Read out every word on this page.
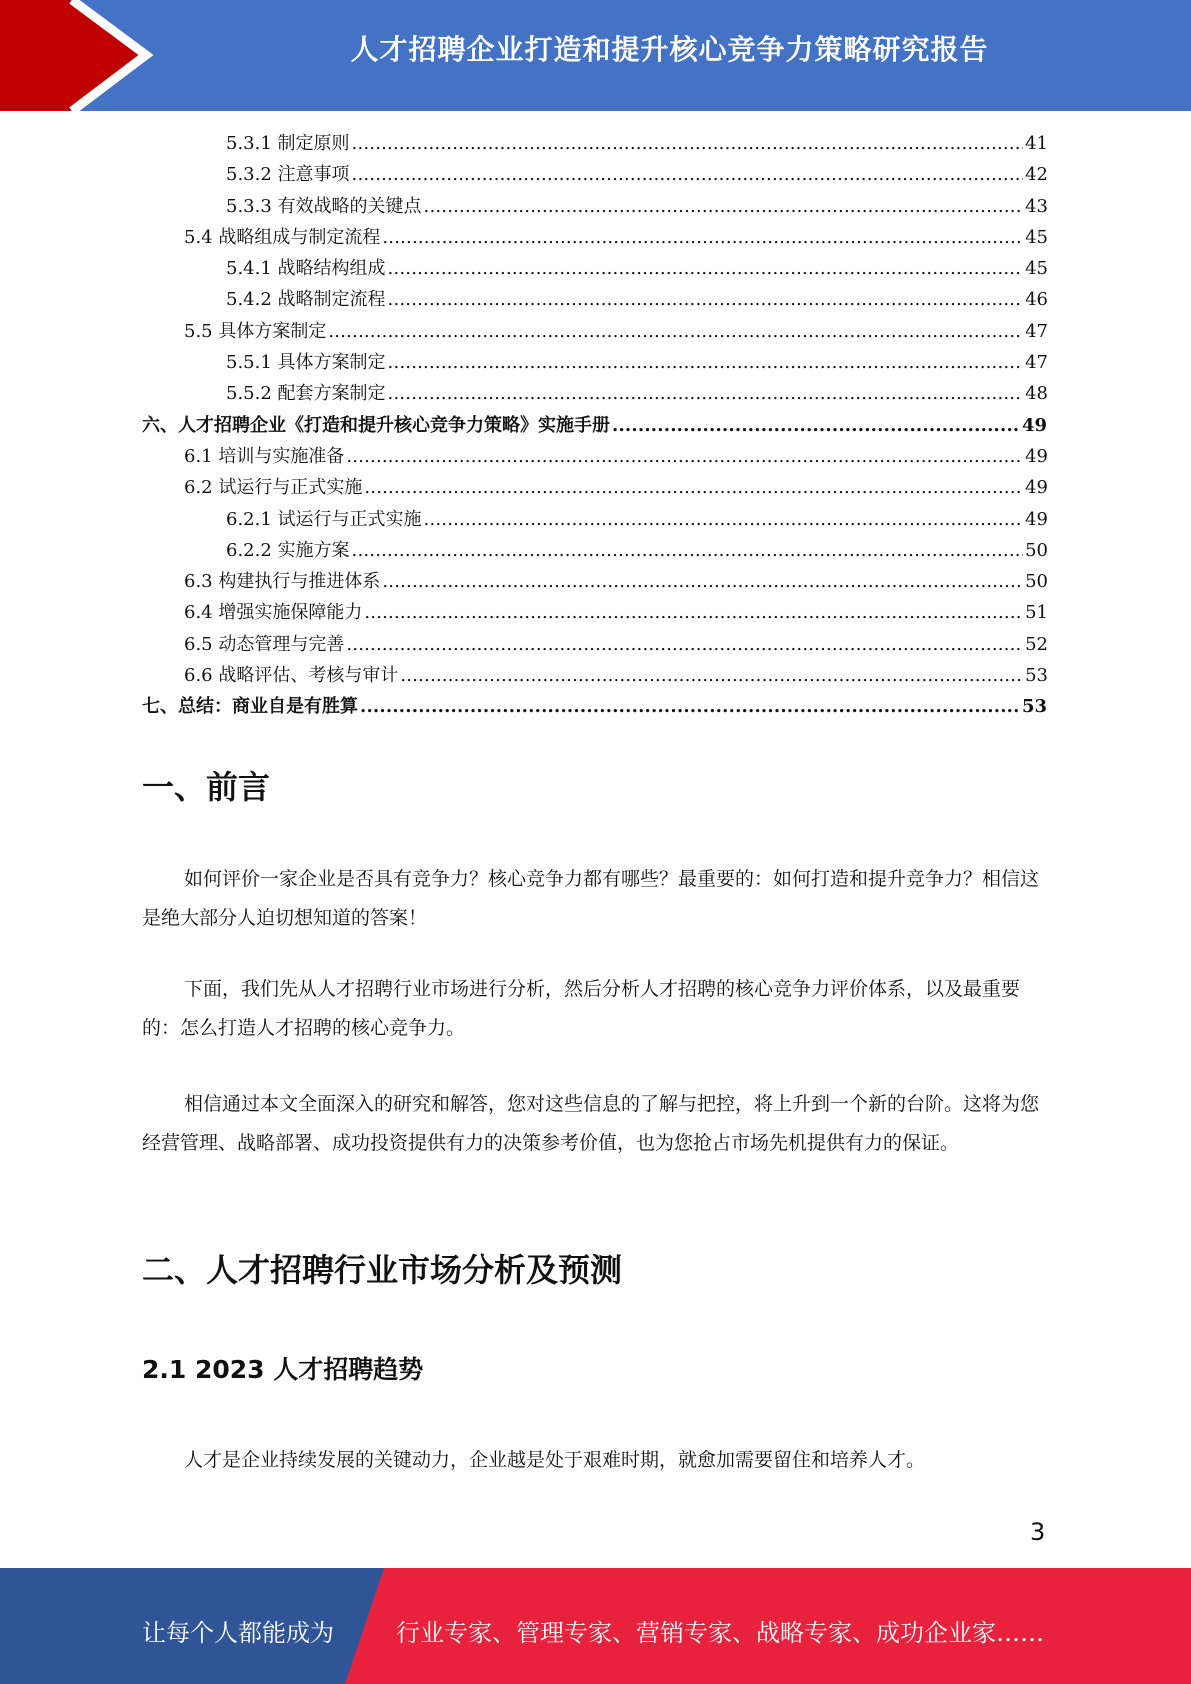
人才招聘企业打造和提升核心竞争力策略研究报告
5.3.1 制定原则 .....	41
5.3.2 注意事项 .....	42
5.3.3 有效战略的关键点 .....	43
5.4 战略组成与制定流程 .....	45
5.4.1 战略结构组成 .....	45
5.4.2 战略制定流程 .....	46
5.5 具体方案制定 .....	47
5.5.1 具体方案制定 .....	47
5.5.2 配套方案制定 .....	48
六、人才招聘企业《打造和提升核心竞争力策略》实施手册 .....	49
6.1 培训与实施准备 .....	49
6.2 试运行与正式实施 .....	49
6.2.1 试运行与正式实施 .....	49
6.2.2 实施方案 .....	50
6.3 构建执行与推进体系 .....	50
6.4 增强实施保障能力 .....	51
6.5 动态管理与完善 .....	52
6.6 战略评估、考核与审计 .....	53
七、总结：商业自是有胜算 .....	53
一、前言

如何评价一家企业是否具有竞争力？核心竞争力都有哪些？最重要的：如何打造和提升竞争力？相信这是绝大部分人迫切想知道的答案！

下面，我们先从人才招聘行业市场进行分析，然后分析人才招聘的核心竞争力评价体系，以及最重要的：怎么打造人才招聘的核心竞争力。

相信通过本文全面深入的研究和解答，您对这些信息的了解与把控，将上升到一个新的台阶。这将为您经营管理、战略部署、成功投资提供有力的决策参考价值，也为您抢占市场先机提供有力的保证。

二、人才招聘行业市场分析及预测
2.1 2023 人才招聘趋势

人才是企业持续发展的关键动力，企业越是处于艰难时期，就愈加需要留住和培养人才。

3
让每个人都能成为	行业专家、管理专家、营销专家、战略专家、成功企业家……
